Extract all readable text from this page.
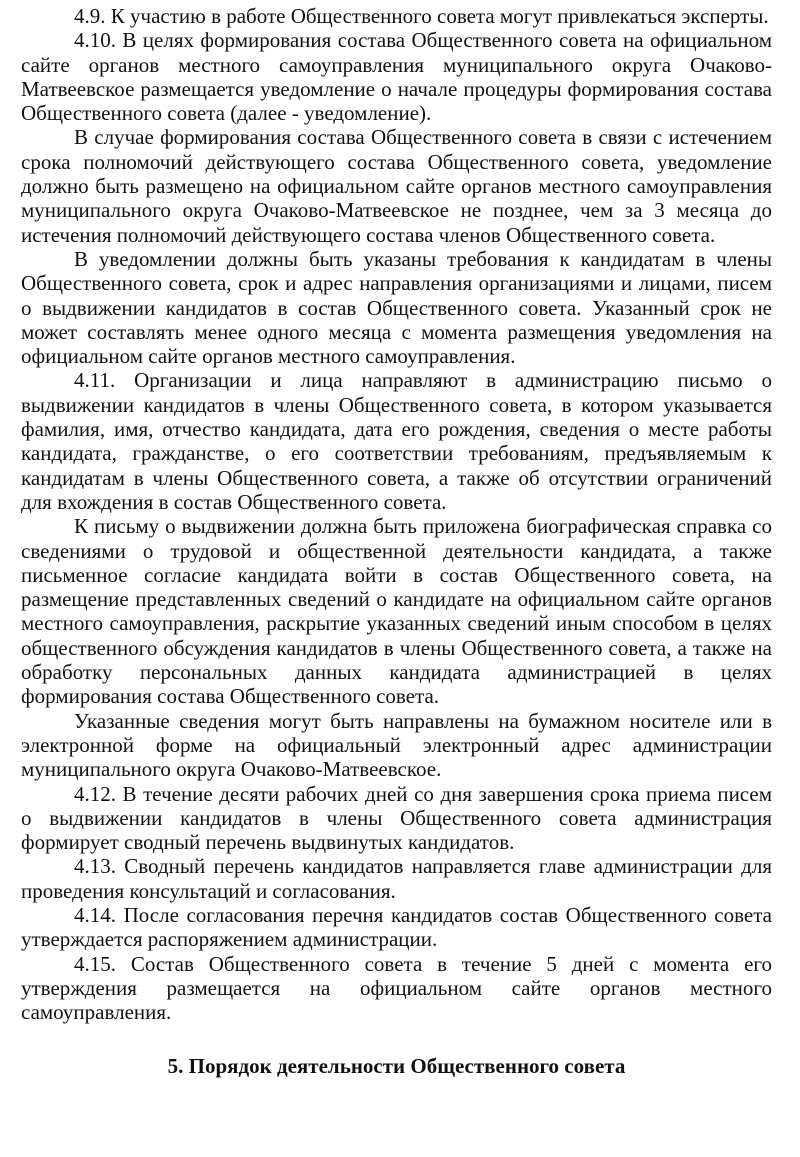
4.9. К участию в работе Общественного совета могут привлекаться эксперты.

4.10. В целях формирования состава Общественного совета на официальном сайте органов местного самоуправления муниципального округа Очаково-Матвеевское размещается уведомление о начале процедуры формирования состава Общественного совета (далее - уведомление).

В случае формирования состава Общественного совета в связи с истечением срока полномочий действующего состава Общественного совета, уведомление должно быть размещено на официальном сайте органов местного самоуправления муниципального округа Очаково-Матвеевское не позднее, чем за 3 месяца до истечения полномочий действующего состава членов Общественного совета.

В уведомлении должны быть указаны требования к кандидатам в члены Общественного совета, срок и адрес направления организациями и лицами, писем о выдвижении кандидатов в состав Общественного совета. Указанный срок не может составлять менее одного месяца с момента размещения уведомления на официальном сайте органов местного самоуправления.

4.11. Организации и лица направляют в администрацию письмо о выдвижении кандидатов в члены Общественного совета, в котором указывается фамилия, имя, отчество кандидата, дата его рождения, сведения о месте работы кандидата, гражданстве, о его соответствии требованиям, предъявляемым к кандидатам в члены Общественного совета, а также об отсутствии ограничений для вхождения в состав Общественного совета.

К письму о выдвижении должна быть приложена биографическая справка со сведениями о трудовой и общественной деятельности кандидата, а также письменное согласие кандидата войти в состав Общественного совета, на размещение представленных сведений о кандидате на официальном сайте органов местного самоуправления, раскрытие указанных сведений иным способом в целях общественного обсуждения кандидатов в члены Общественного совета, а также на обработку персональных данных кандидата администрацией в целях формирования состава Общественного совета.

Указанные сведения могут быть направлены на бумажном носителе или в электронной форме на официальный электронный адрес администрации муниципального округа Очаково-Матвеевское.

4.12. В течение десяти рабочих дней со дня завершения срока приема писем о выдвижении кандидатов в члены Общественного совета администрация формирует сводный перечень выдвинутых кандидатов.

4.13. Сводный перечень кандидатов направляется главе администрации для проведения консультаций и согласования.

4.14. После согласования перечня кандидатов состав Общественного совета утверждается распоряжением администрации.

4.15. Состав Общественного совета в течение 5 дней с момента его утверждения размещается на официальном сайте органов местного самоуправления.

5. Порядок деятельности Общественного совета
